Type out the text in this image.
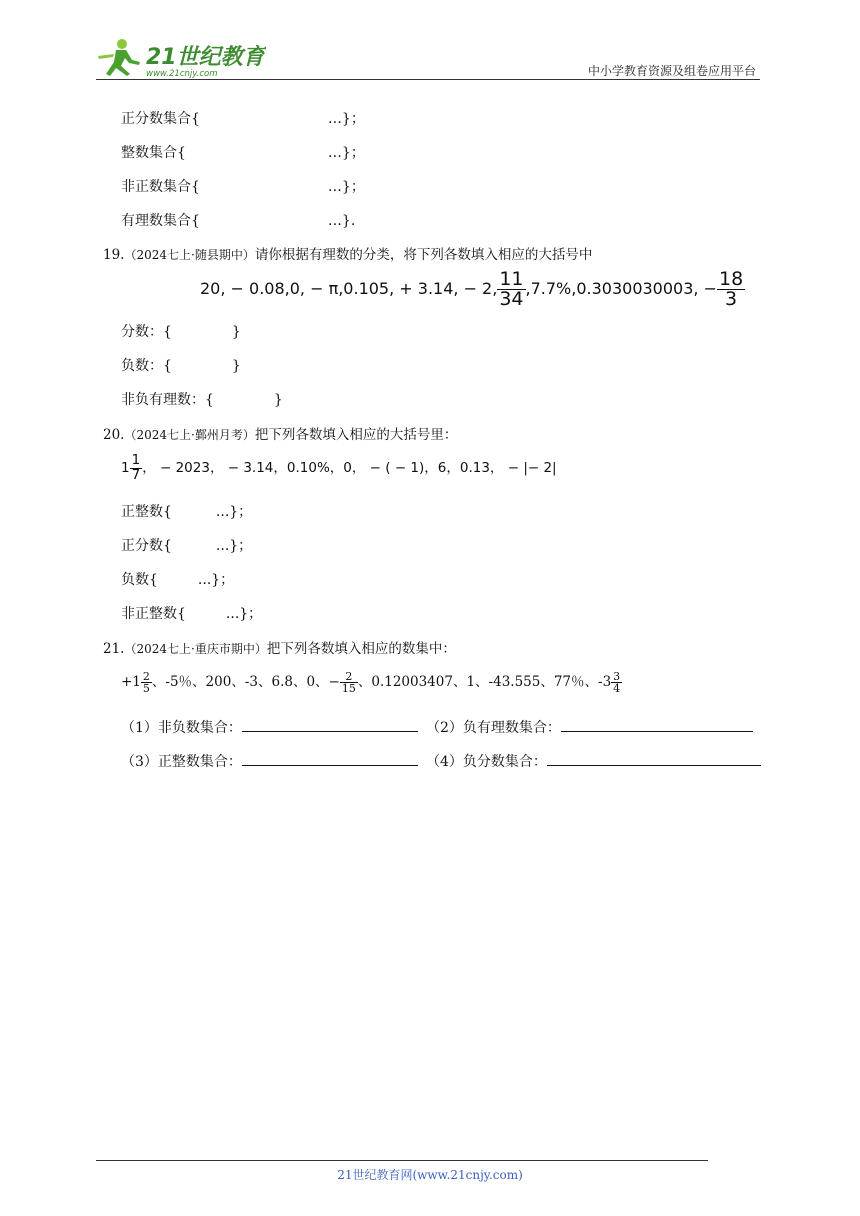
21世纪教育
www.21cnjy.com	中小学教育资源及组卷应用平台
正分数集合{	…}；
整数集合{	…}；
非正数集合{	…}；
有理数集合{	…}.
19.（2024七上·随县期中）请你根据有理数的分类，将下列各数填入相应的大括号中
20, − 0.08,0, − π,0.105, + 3.14, − 2, $\frac{11}{34} ,7.7\%,0.3030030003$, − $\frac{18}{3}$
分数：{	}
负数：{	}
非负有理数：{	}
20.（2024七上·鄞州月考）把下列各数填入相应的大括号里：
$1 \frac{1}{7}$ ， − 2023， − 3.14，0.10%，0， − ( − 1)，6，0.13， − |− 2|
正整数{	...}；
正分数{	...}；
负数{	...}；
非正整数{	...}；
21.（2024七上·重庆市期中）把下列各数填入相应的数集中：
$+1 \frac{2}{5}$ 、-5％、200、-3、6.8、0、− $\frac{2}{15}$ 、0.12003407、1、-43.555、77％、$-3 \frac{3}{4}$
（1）非负数集合：	（2）负有理数集合：
（3）正整数集合：	（4）负分数集合：
21世纪教育网(www.21cnjy.com)
